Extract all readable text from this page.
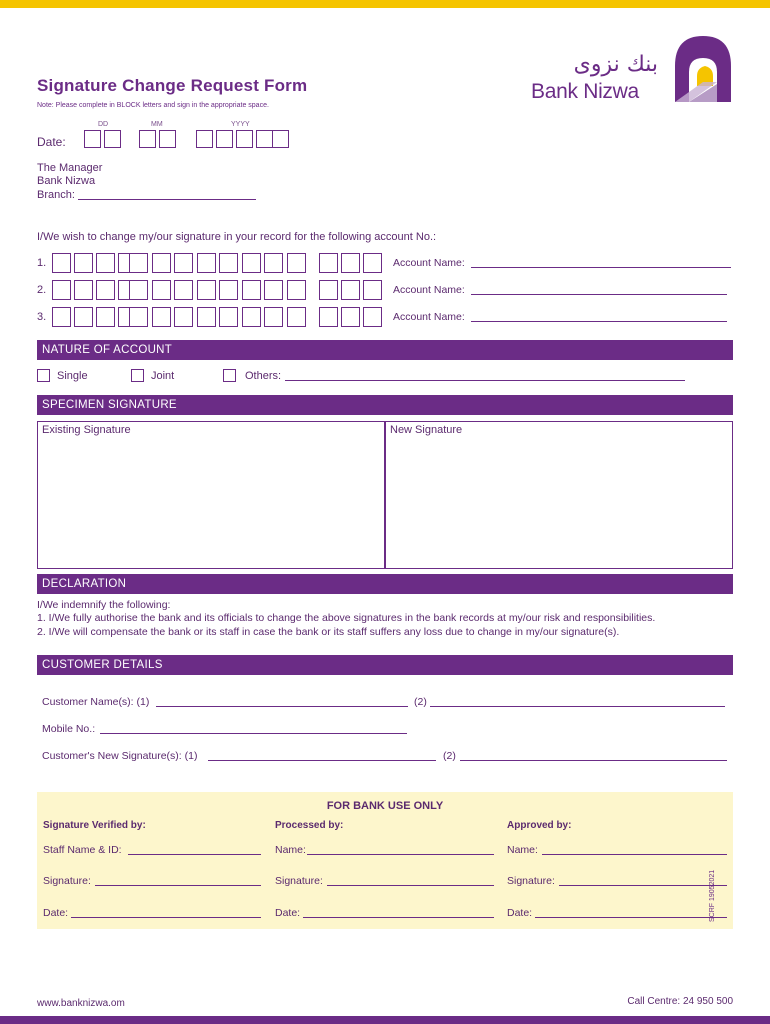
Signature Change Request Form
Note: Please complete in BLOCK letters and sign in the appropriate space.
بنك نزوى
Bank Nizwa
DD	MM	YYYY
Date:
The Manager
Bank Nizwa
Branch:
I/We wish to change my/our signature in your record for the following account No.:
1.	Account Name:
2.	Account Name:
3.	Account Name:
NATURE OF ACCOUNT
Single	Joint	Others:
SPECIMEN SIGNATURE
Existing Signature	New Signature
DECLARATION
I/We indemnify the following:
1. I/We fully authorise the bank and its officials to change the above signatures in the bank records at my/our risk and responsibilities.
2. I/We will compensate the bank or its staff in case the bank or its staff suffers any loss due to change in my/our signature(s).
CUSTOMER DETAILS
Customer Name(s): (1)	(2)
Mobile No.:
Customer's New Signature(s): (1)	(2)
FOR BANK USE ONLY
Signature Verified by:	Processed by:	Approved by:
Staff Name & ID:	Name:	Name:
Signature:	Signature:	Signature:
Date:	Date:	Date:	SCRF 19052021
www.banknizwa.om	Call Centre: 24 950 500
